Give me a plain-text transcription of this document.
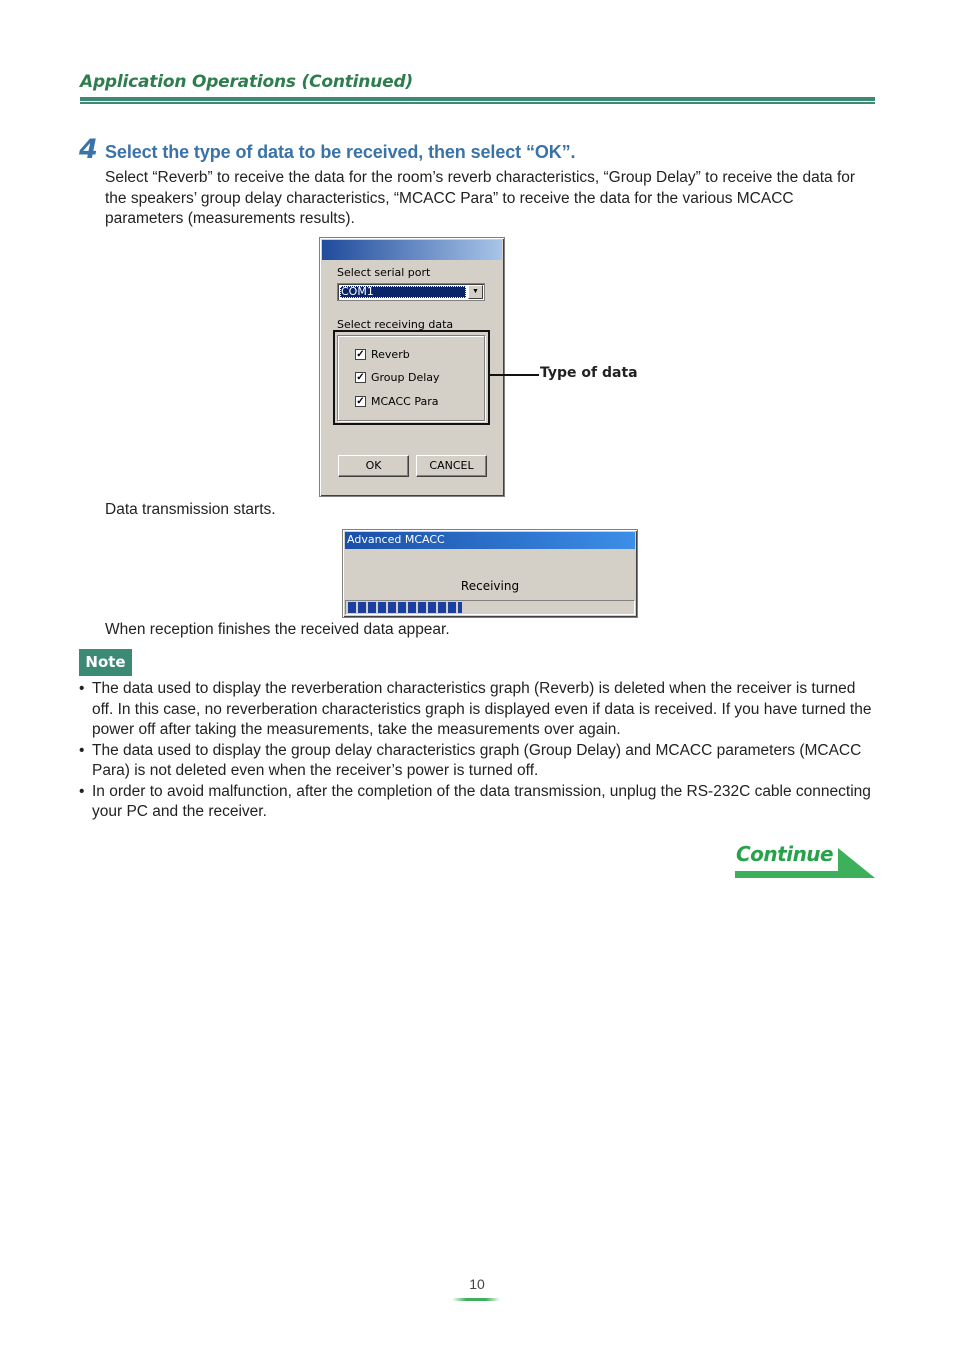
Application Operations (Continued)
4 Select the type of data to be received, then select “OK”.
Select “Reverb” to receive the data for the room’s reverb characteristics, “Group Delay” to receive the data for the speakers’ group delay characteristics, “MCACC Para” to receive the data for the various MCACC parameters (measurements results).
Select serial port
COM1	▼
Select receiving data
✓ Reverb
✓ Group Delay
✓ MCACC Para
OK	CANCEL
Type of data
Data transmission starts.
Advanced MCACC
Receiving
When reception finishes the received data appear.
Note
• The data used to display the reverberation characteristics graph (Reverb) is deleted when the receiver is turned off. In this case, no reverberation characteristics graph is displayed even if data is received. If you have turned the power off after taking the measurements, take the measurements over again.
• The data used to display the group delay characteristics graph (Group Delay) and MCACC parameters (MCACC Para) is not deleted even when the receiver’s power is turned off.
• In order to avoid malfunction, after the completion of the data transmission, unplug the RS-232C cable connecting your PC and the receiver.
Continue
10
